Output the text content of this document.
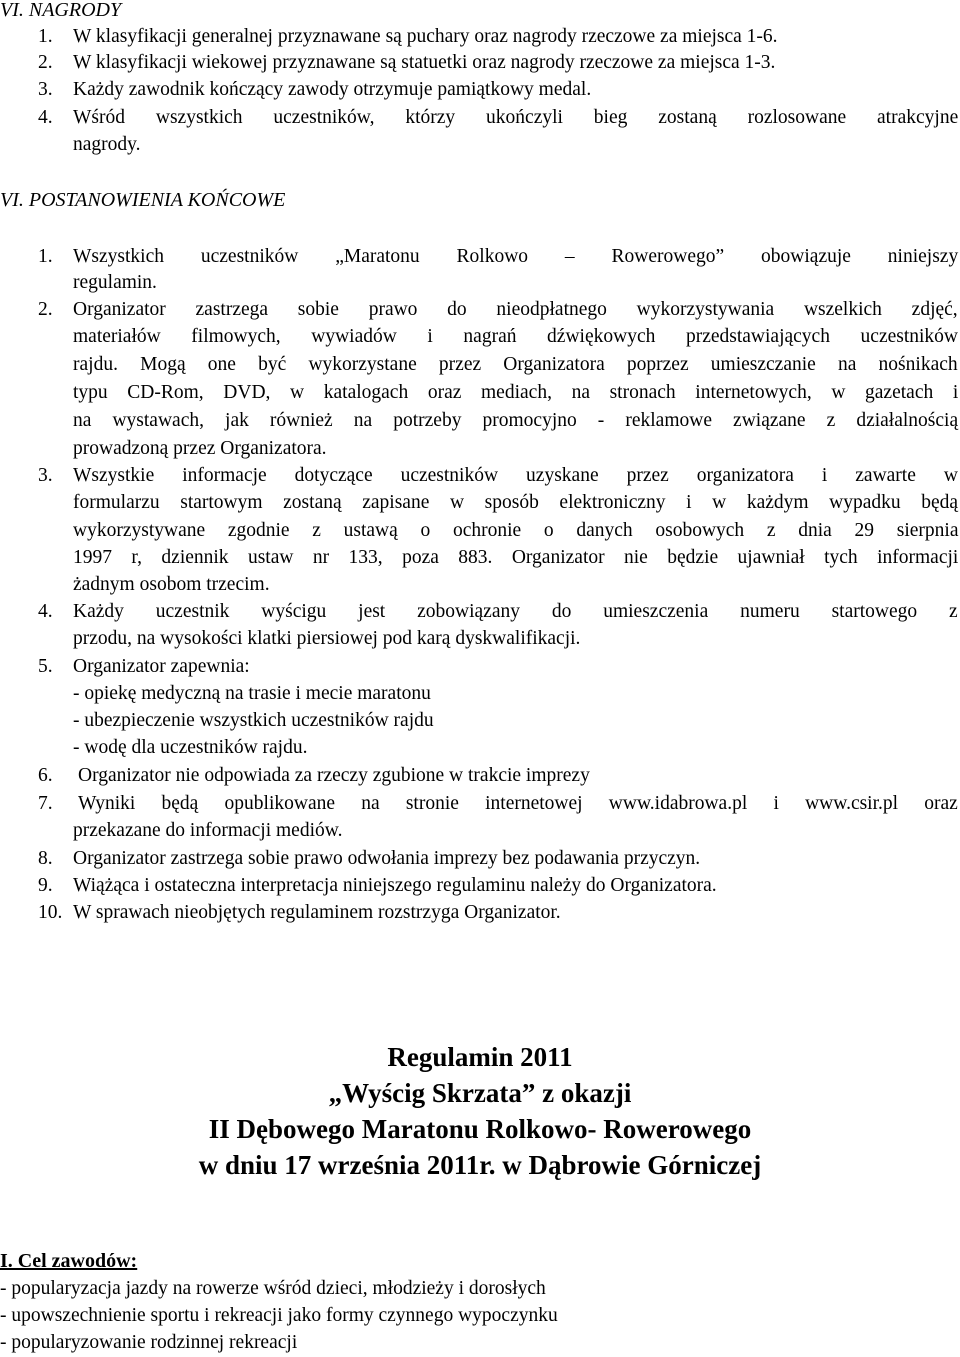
VI. NAGRODY
1. W klasyfikacji generalnej przyznawane są puchary oraz nagrody rzeczowe za miejsca 1-6.
2. W klasyfikacji wiekowej przyznawane są statuetki oraz nagrody rzeczowe za miejsca 1-3.
3. Każdy zawodnik kończący zawody otrzymuje pamiątkowy medal.
4. Wśród wszystkich uczestników, którzy ukończyli bieg zostaną rozlosowane atrakcyjne
nagrody.
VI. POSTANOWIENIA KOŃCOWE
1. Wszystkich uczestników „Maratonu Rolkowo – Rowerowego” obowiązuje niniejszy
regulamin.
2. Organizator zastrzega sobie prawo do nieodpłatnego wykorzystywania wszelkich zdjęć,
materiałów filmowych, wywiadów i nagrań dźwiękowych przedstawiających uczestników
rajdu. Mogą one być wykorzystane przez Organizatora poprzez umieszczanie na nośnikach
typu CD-Rom, DVD, w katalogach oraz mediach, na stronach internetowych, w gazetach i
na wystawach, jak również na potrzeby promocyjno - reklamowe związane z działalnością
prowadzoną przez Organizatora.
3. Wszystkie informacje dotyczące uczestników uzyskane przez organizatora i zawarte w
formularzu startowym zostaną zapisane w sposób elektroniczny i w każdym wypadku będą
wykorzystywane zgodnie z ustawą o ochronie o danych osobowych z dnia 29 sierpnia
1997 r, dziennik ustaw nr 133, poza 883. Organizator nie będzie ujawniał tych informacji
żadnym osobom trzecim.
4. Każdy uczestnik wyścigu jest zobowiązany do umieszczenia numeru startowego z
przodu, na wysokości klatki piersiowej pod karą dyskwalifikacji.
5. Organizator zapewnia:
- opiekę medyczną na trasie i mecie maratonu
- ubezpieczenie wszystkich uczestników rajdu
- wodę dla uczestników rajdu.
6. Organizator nie odpowiada za rzeczy zgubione w trakcie imprezy
7. Wyniki będą opublikowane na stronie internetowej www.idabrowa.pl i www.csir.pl oraz
przekazane do informacji mediów.
8. Organizator zastrzega sobie prawo odwołania imprezy bez podawania przyczyn.
9. Wiążąca i ostateczna interpretacja niniejszego regulaminu należy do Organizatora.
10. W sprawach nieobjętych regulaminem rozstrzyga Organizator.
Regulamin 2011
„Wyścig Skrzata” z okazji
II Dębowego Maratonu Rolkowo- Rowerowego
w dniu 17 września 2011r. w Dąbrowie Górniczej
I. Cel zawodów:
- popularyzacja jazdy na rowerze wśród dzieci, młodzieży i dorosłych
- upowszechnienie sportu i rekreacji jako formy czynnego wypoczynku
- popularyzowanie rodzinnej rekreacji
